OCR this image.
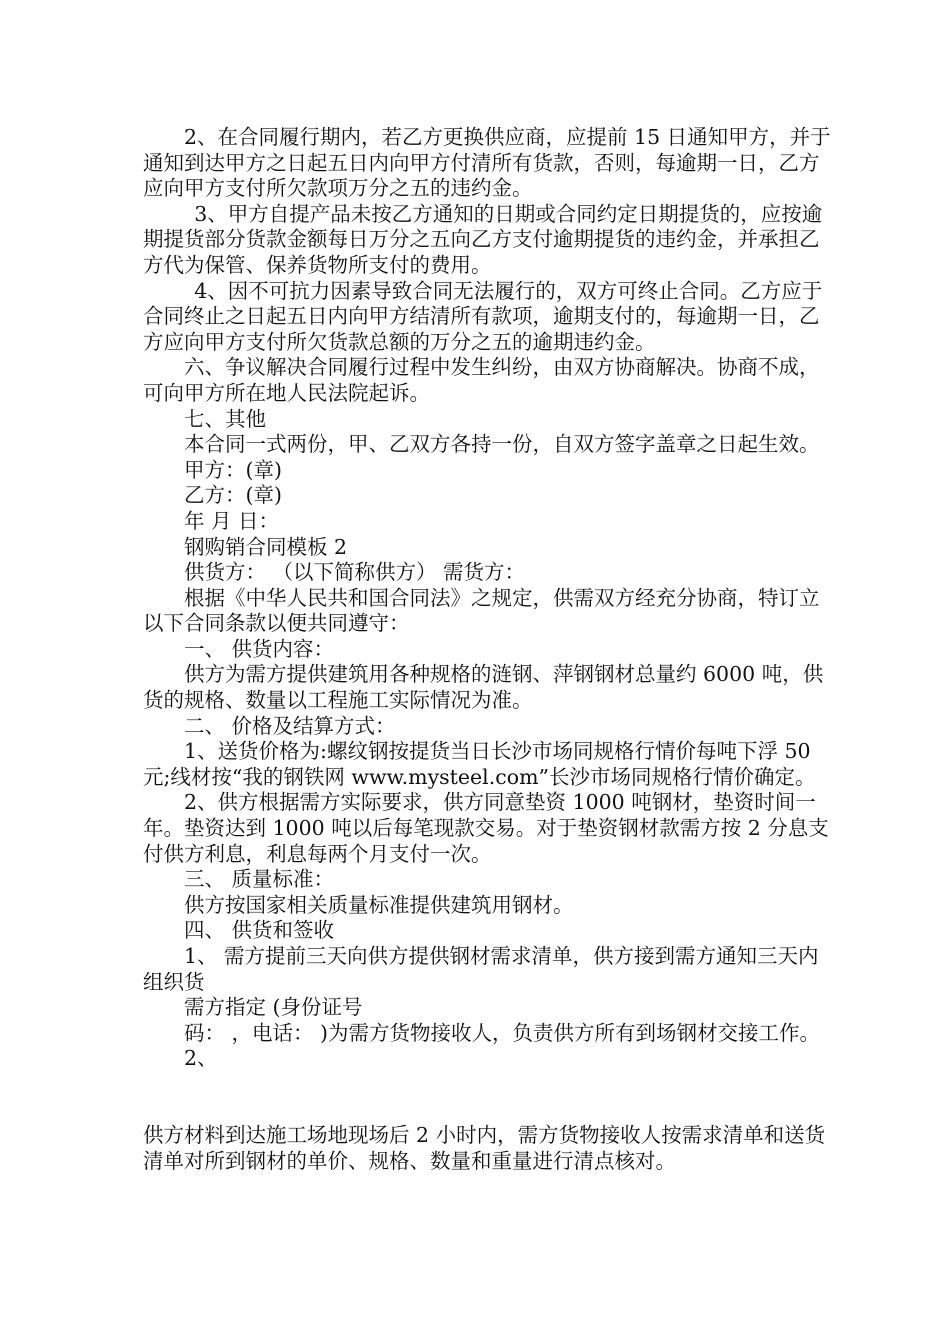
2、在合同履行期内，若乙方更换供应商，应提前 15 日通知甲方，并于通知到达甲方之日起五日内向甲方付清所有货款，否则，每逾期一日，乙方应向甲方支付所欠款项万分之五的违约金。

3、甲方自提产品未按乙方通知的日期或合同约定日期提货的，应按逾期提货部分货款金额每日万分之五向乙方支付逾期提货的违约金，并承担乙方代为保管、保养货物所支付的费用。

4、因不可抗力因素导致合同无法履行的，双方可终止合同。乙方应于合同终止之日起五日内向甲方结清所有款项，逾期支付的，每逾期一日，乙方应向甲方支付所欠货款总额的万分之五的逾期违约金。

六、争议解决合同履行过程中发生纠纷，由双方协商解决。协商不成，可向甲方所在地人民法院起诉。

七、其他

本合同一式两份，甲、乙双方各持一份，自双方签字盖章之日起生效。

甲方：(章)

乙方：(章)

年 月 日：

钢购销合同模板 2

供货方： （以下简称供方） 需货方：

根据《中华人民共和国合同法》之规定，供需双方经充分协商，特订立以下合同条款以便共同遵守：

一、 供货内容：

供方为需方提供建筑用各种规格的涟钢、萍钢钢材总量约 6000 吨，供货的规格、数量以工程施工实际情况为准。

二、 价格及结算方式：

1、送货价格为:螺纹钢按提货当日长沙市场同规格行情价每吨下浮 50 元;线材按“我的钢铁网 www.mysteel.com”长沙市场同规格行情价确定。

2、供方根据需方实际要求，供方同意垫资 1000 吨钢材，垫资时间一年。垫资达到 1000 吨以后每笔现款交易。对于垫资钢材款需方按 2 分息支付供方利息，利息每两个月支付一次。

三、 质量标准：

供方按国家相关质量标准提供建筑用钢材。

四、 供货和签收

1、 需方提前三天向供方提供钢材需求清单，供方接到需方通知三天内组织货

需方指定 (身份证号

码： ，电话： )为需方货物接收人，负责供方所有到场钢材交接工作。

2、

供方材料到达施工场地现场后 2 小时内，需方货物接收人按需求清单和送货清单对所到钢材的单价、规格、数量和重量进行清点核对。
